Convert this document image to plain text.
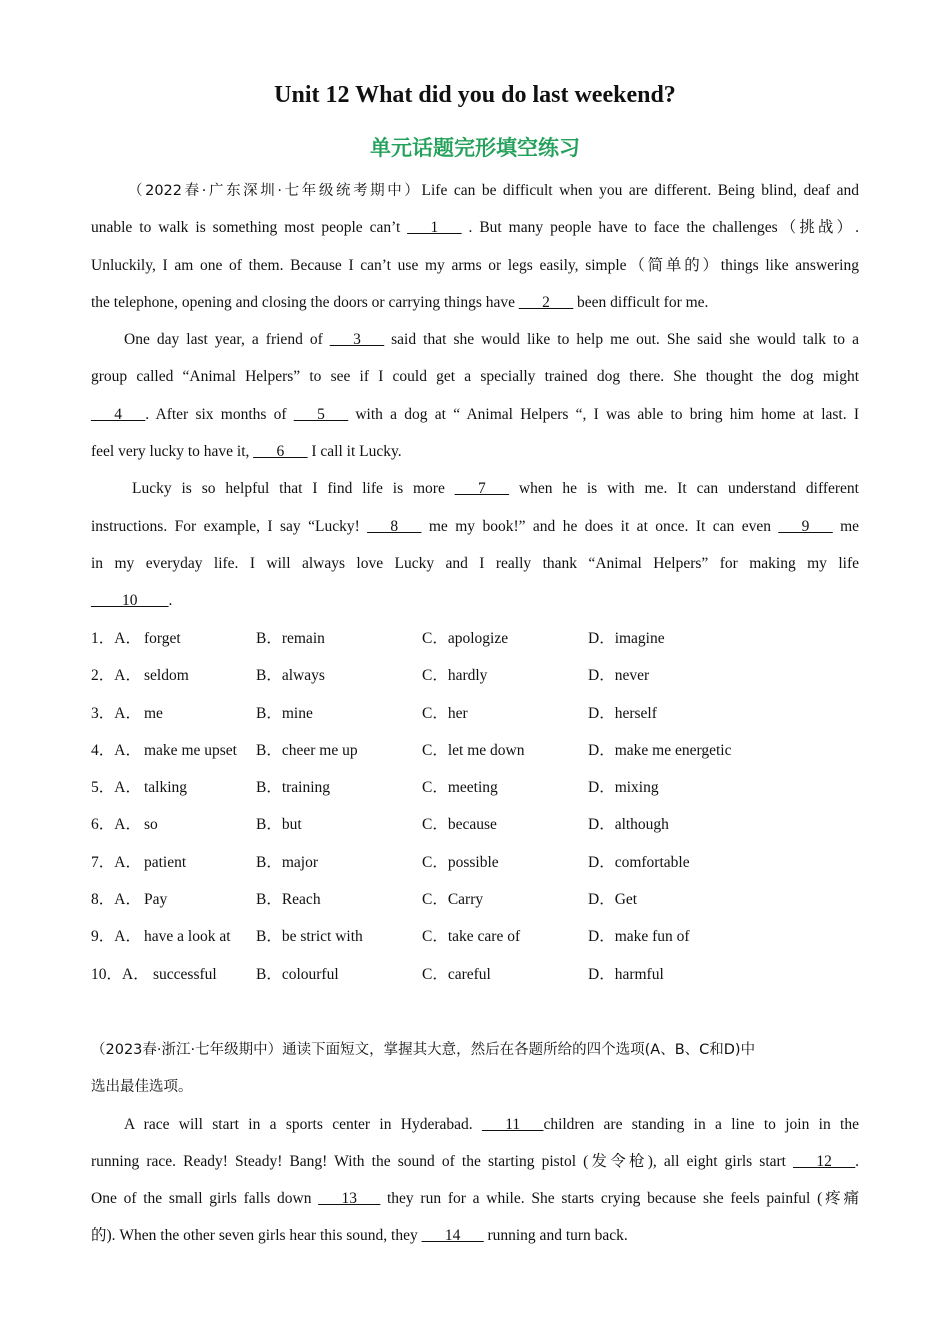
Unit 12 What did you do last weekend?
单元话题完形填空练习
（2022春·广东深圳·七年级统考期中）Life can be difficult when you are different. Being blind, deaf and
unable to walk is something most people can’t ___1___ . But many people have to face the challenges（挑战）.
Unluckily, I am one of them. Because I can’t use my arms or legs easily, simple（简单的）things like answering
the telephone, opening and closing the doors or carrying things have ___2___ been difficult for me.
One day last year, a friend of ___3___ said that she would like to help me out. She said she would talk to a
group called “Animal Helpers” to see if I could get a specially trained dog there. She thought the dog might
___4___. After six months of ___5___ with a dog at “ Animal Helpers “, I was able to bring him home at last. I
feel very lucky to have it, ___6___ I call it Lucky.
Lucky is so helpful that I find life is more ___7___ when he is with me. It can understand different
instructions. For example, I say “Lucky! ___8___ me my book!” and he does it at once. It can even ___9___ me
in my everyday life. I will always love Lucky and I really thank “Animal Helpers” for making my life
____10____.
1．A． forget	B．remain	C．apologize	D．imagine
2．A． seldom	B．always	C．hardly	D．never
3．A． me	B．mine	C．her	D．herself
4．A． make me upset B．cheer me up	C．let me down	D．make me energetic
5．A． talking	B．training	C．meeting	D．mixing
6．A． so	B．but	C．because	D．although
7．A． patient	B．major	C．possible	D．comfortable
8．A． Pay	B．Reach	C．Carry	D．Get
9．A． have a look at B．be strict with	C．take care of	D．make fun of
10．A． successful	B．colourful	C．careful	D．harmful
（2023春·浙江·七年级期中）通读下面短文，掌握其大意，然后在各题所给的四个选项(A、B、C和D)中
选出最佳选项。
A race will start in a sports center in Hyderabad. ___11___children are standing in a line to join in the
running race. Ready! Steady! Bang! With the sound of the starting pistol (发令枪), all eight girls start ___12___.
One of the small girls falls down ___13___ they run for a while. She starts crying because she feels painful (疼痛
的). When the other seven girls hear this sound, they ___14___ running and turn back.
